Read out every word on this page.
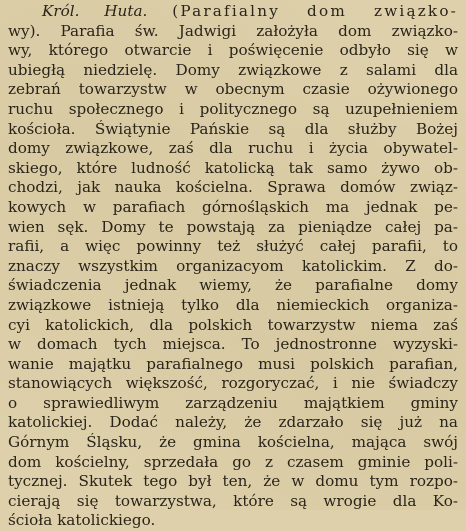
Król. Huta. (Parafialny dom związko-
wy). Parafia św. Jadwigi założyła dom związko-
wy, którego otwarcie i poświęcenie odbyło się w
ubiegłą niedzielę. Domy związkowe z salami dla
zebrań towarzystw w obecnym czasie ożywionego
ruchu społecznego i politycznego są uzupełnieniem
kościoła. Świątynie Pańskie są dla służby Bożej
domy związkowe, zaś dla ruchu i życia obywatel-
skiego, które ludność katolicką tak samo żywo ob-
chodzi, jak nauka kościelna. Sprawa domów związ-
kowych w parafiach górnośląskich ma jednak pe-
wien sęk. Domy te powstają za pieniądze całej pa-
rafii, a więc powinny też służyć całej parafii, to
znaczy wszystkim organizacyom katolickim. Z do-
świadczenia jednak wiemy, że parafialne domy
związkowe istnieją tylko dla niemieckich organiza-
cyi katolickich, dla polskich towarzystw niema zaś
w domach tych miejsca. To jednostronne wyzyski-
wanie majątku parafialnego musi polskich parafian,
stanowiących większość, rozgoryczać, i nie świadczy
o sprawiedliwym zarządzeniu majątkiem gminy
katolickiej. Dodać należy, że zdarzało się już na
Górnym Śląsku, że gmina kościelna, mająca swój
dom kościelny, sprzedała go z czasem gminie poli-
tycznej. Skutek tego był ten, że w domu tym rozpo-
cierają się towarzystwa, które są wrogie dla Ko-
ścioła katolickiego.
